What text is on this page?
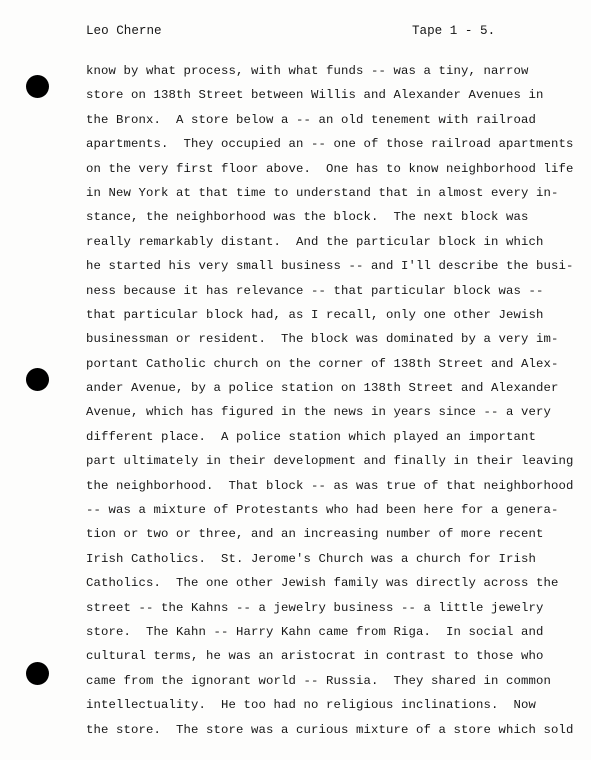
Leo Cherne	Tape 1 - 5.
know by what process, with what funds -- was a tiny, narrow
store on 138th Street between Willis and Alexander Avenues in
the Bronx.  A store below a -- an old tenement with railroad
apartments.  They occupied an -- one of those railroad apartments
on the very first floor above.  One has to know neighborhood life
in New York at that time to understand that in almost every in-
stance, the neighborhood was the block.  The next block was
really remarkably distant.  And the particular block in which
he started his very small business -- and I'll describe the busi-
ness because it has relevance -- that particular block was --
that particular block had, as I recall, only one other Jewish
businessman or resident.  The block was dominated by a very im-
portant Catholic church on the corner of 138th Street and Alex-
ander Avenue, by a police station on 138th Street and Alexander
Avenue, which has figured in the news in years since -- a very
different place.  A police station which played an important
part ultimately in their development and finally in their leaving
the neighborhood.  That block -- as was true of that neighborhood
-- was a mixture of Protestants who had been here for a genera-
tion or two or three, and an increasing number of more recent
Irish Catholics.  St. Jerome's Church was a church for Irish
Catholics.  The one other Jewish family was directly across the
street -- the Kahns -- a jewelry business -- a little jewelry
store.  The Kahn -- Harry Kahn came from Riga.  In social and
cultural terms, he was an aristocrat in contrast to those who
came from the ignorant world -- Russia.  They shared in common
intellectuality.  He too had no religious inclinations.  Now
the store.  The store was a curious mixture of a store which sold
